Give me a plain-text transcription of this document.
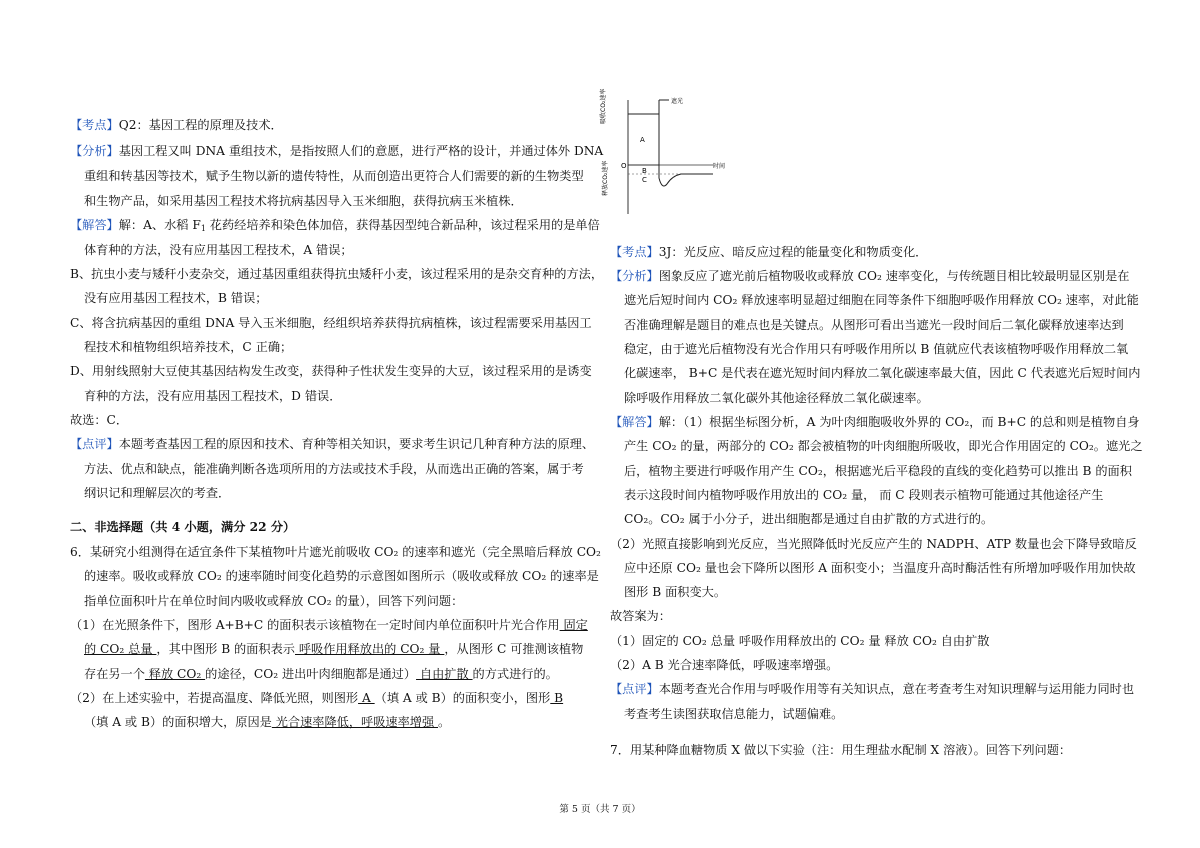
【考点】Q2：基因工程的原理及技术．
【分析】基因工程又叫 DNA 重组技术，是指按照人们的意愿，进行严格的设计，并通过体外 DNA
重组和转基因等技术，赋予生物以新的遗传特性，从而创造出更符合人们需要的新的生物类型
和生物产品，如采用基因工程技术将抗病基因导入玉米细胞，获得抗病玉米植株．
【解答】解：A、水稻 $F_1$ 花药经培养和染色体加倍，获得基因型纯合新品种，该过程采用的是单倍
体育种的方法，没有应用基因工程技术，A 错误；
B、抗虫小麦与矮秆小麦杂交，通过基因重组获得抗虫矮秆小麦，该过程采用的是杂交育种的方法，
没有应用基因工程技术，B 错误；
C、将含抗病基因的重组 DNA 导入玉米细胞，经组织培养获得抗病植株，该过程需要采用基因工
程技术和植物组织培养技术，C 正确；
D、用射线照射大豆使其基因结构发生改变，获得种子性状发生变异的大豆，该过程采用的是诱变
育种的方法，没有应用基因工程技术，D 错误．
故选：C．
【点评】本题考查基因工程的原因和技术、育种等相关知识，要求考生识记几种育种方法的原理、
方法、优点和缺点，能准确判断各选项所用的方法或技术手段，从而选出正确的答案，属于考
纲识记和理解层次的考查．
二、非选择题（共 4 小题，满分 22 分）
6．某研究小组测得在适宜条件下某植物叶片遮光前吸收 CO₂ 的速率和遮光（完全黑暗后释放 CO₂
的速率。吸收或释放 CO₂ 的速率随时间变化趋势的示意图如图所示（吸收或释放 CO₂ 的速率是
指单位面积叶片在单位时间内吸收或释放 CO₂ 的量），回答下列问题：
（1）在光照条件下，图形 A+B+C 的面积表示该植物在一定时间内单位面积叶片光合作用 固定
的 CO₂ 总量 ，其中图形 B 的面积表示 呼吸作用释放出的 CO₂ 量 ，从图形 C 可推测该植物
存在另一个 释放 CO₂ 的途径，CO₂ 进出叶肉细胞都是通过） 自由扩散 的方式进行的。
（2）在上述实验中，若提高温度、降低光照，则图形 A （填 A 或 B）的面积变小，图形 B
（填 A 或 B）的面积增大，原因是 光合速率降低，呼吸速率增强 。
吸收CO₂速率
释放CO₂速率 O
A
B
C
遮光
时间
【考点】3J：光反应、暗反应过程的能量变化和物质变化．
【分析】图象反应了遮光前后植物吸收或释放 CO₂ 速率变化，与传统题目相比较最明显区别是在
遮光后短时间内 CO₂ 释放速率明显超过细胞在同等条件下细胞呼吸作用释放 CO₂ 速率，对此能
否准确理解是题目的难点也是关键点。从图形可看出当遮光一段时间后二氧化碳释放速率达到
稳定，由于遮光后植物没有光合作用只有呼吸作用所以 B 值就应代表该植物呼吸作用释放二氧
化碳速率， B+C 是代表在遮光短时间内释放二氧化碳速率最大值，因此 C 代表遮光后短时间内
除呼吸作用释放二氧化碳外其他途径释放二氧化碳速率。
【解答】解：（1）根据坐标图分析，A 为叶肉细胞吸收外界的 CO₂，而 B+C 的总和则是植物自身
产生 CO₂ 的量，两部分的 CO₂ 都会被植物的叶肉细胞所吸收，即光合作用固定的 CO₂。遮光之
后，植物主要进行呼吸作用产生 CO₂，根据遮光后平稳段的直线的变化趋势可以推出 B 的面积
表示这段时间内植物呼吸作用放出的 CO₂ 量， 而 C 段则表示植物可能通过其他途径产生
CO₂。CO₂ 属于小分子，进出细胞都是通过自由扩散的方式进行的。
（2）光照直接影响到光反应，当光照降低时光反应产生的 NADPH、ATP 数量也会下降导致暗反
应中还原 CO₂ 量也会下降所以图形 A 面积变小；当温度升高时酶活性有所增加呼吸作用加快故
图形 B 面积变大。
故答案为：
（1）固定的 CO₂ 总量 呼吸作用释放出的 CO₂ 量 释放 CO₂ 自由扩散
（2）A B 光合速率降低，呼吸速率增强。
【点评】本题考查光合作用与呼吸作用等有关知识点，意在考查考生对知识理解与运用能力同时也
考查考生读图获取信息能力，试题偏难。
7．用某种降血糖物质 X 做以下实验（注：用生理盐水配制 X 溶液）。回答下列问题：
第 5 页（共 7 页）
